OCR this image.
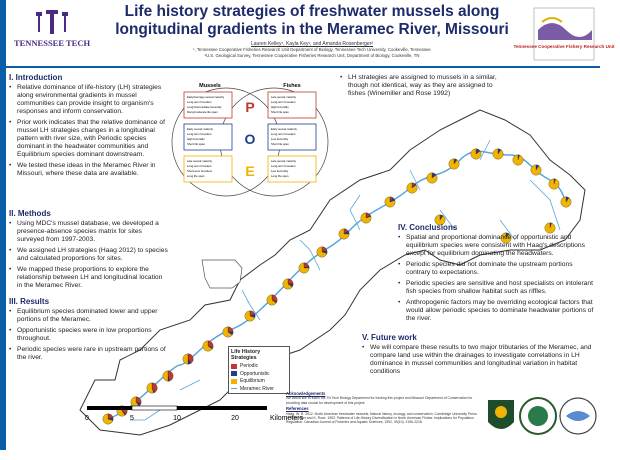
TENNESSEE TECH
Life history strategies of freshwater mussels along longitudinal gradients in the Meramec River, Missouri
Lauren Kelley¹, Kayla Key¹, and Amanda Rosenberger²
¹, Tennessee Cooperative Fisheries Research Unit Department of Biology, Tennessee Tech University, Cookeville, Tennessee
²U.S. Geological Survey, Tennessee Cooperative Fisheries Research Unit, Department of Biology, Cookeville, TN
Tennessee Cooperative Fishery Research Unit
I. Introduction
• Relative dominance of life-history (LH) strategies along environmental gradients in mussel communities can provide insight to organism's responses and inform conservation.
• Prior work indicates that the relative dominance of mussel LH strategies changes in a longitudinal pattern with river size, with Periodic species dominant in the headwater communities and Equilibrium species dominant downstream.
• We tested these ideas in the Meramec River in Missouri, where these data are available.
II. Methods
• Using MDC's mussel database, we developed a presence-absence species matrix for sites surveyed from 1997-2003.
• We assigned LH strategies (Haag 2012) to species and calculated proportions for sites.
• We mapped these proportions to explore the relationship between LH and longitudinal location in the Meramec River.
III. Results
• Equilibrium species dominated lower and upper portions of the Meramec.
• Opportunistic species were in low proportions throughout.
• Periodic species were rare in upstream portions of the river.
Mussels	Fishes
Early/Average sexual maturity
Long-term brooders
Long/Intermediate fecundity
Many/moderate life span
Early sexual maturity
Long-term brooders
High fecundity
Short life span
Late sexual maturity
Long-term brooders
Short-term brooders
Long life span
Late sexual maturity
Long-term brooders
High fecundity
Short life span
Early sexual maturity
Long-term brooders
Low fecundity
Short life span
Late sexual maturity
Long-term brooders
Low fecundity
Long life span
P
O
E
• LH strategies are assigned to mussels in a similar, though not identical, way as they are assigned to fishes (Winemiller and Rose 1992)
IV. Conclusions
• Spatial and proportional dominance of opportunistic and equilibrium species were consistent with Haag's descriptions except for equilibrium dominating the headwaters.
• Periodic species did not dominate the upstream portions contrary to expectations.
• Periodic species are sensitive and host specialists on intolerant fish species from shallow habitat such as riffles.
• Anthropogenic factors may be overriding ecological factors that would allow periodic species to dominate headwater portions of the river.
V. Future work
• We will compare these results to two major tributaries of the Meramec, and compare land use within the drainages to investigate correlations in LH dominance in mussel communities and longitudinal variation in habitat conditions
Life History Strategies
Periodic
Opportunistic
Equilibrium
Meramec River
0	5	10	20	Kilometers
Acknowledgements
We would like to thank the TN Tech Biology Department for funding this project and Missouri Department of Conservation for providing data crucial for development of this project.
References
Haag, W. R. 2012. North American freshwater mussels: Natural history, ecology, and conservation. Cambridge University Press.
K. Winemiller and K. Rose. 1992. Patterns of Life-History Diversification in North American Fishes: Implications for Population Regulation. Canadian Journal of Fisheries and Aquatic Sciences, 1992, 49(10): 2196-2218.
